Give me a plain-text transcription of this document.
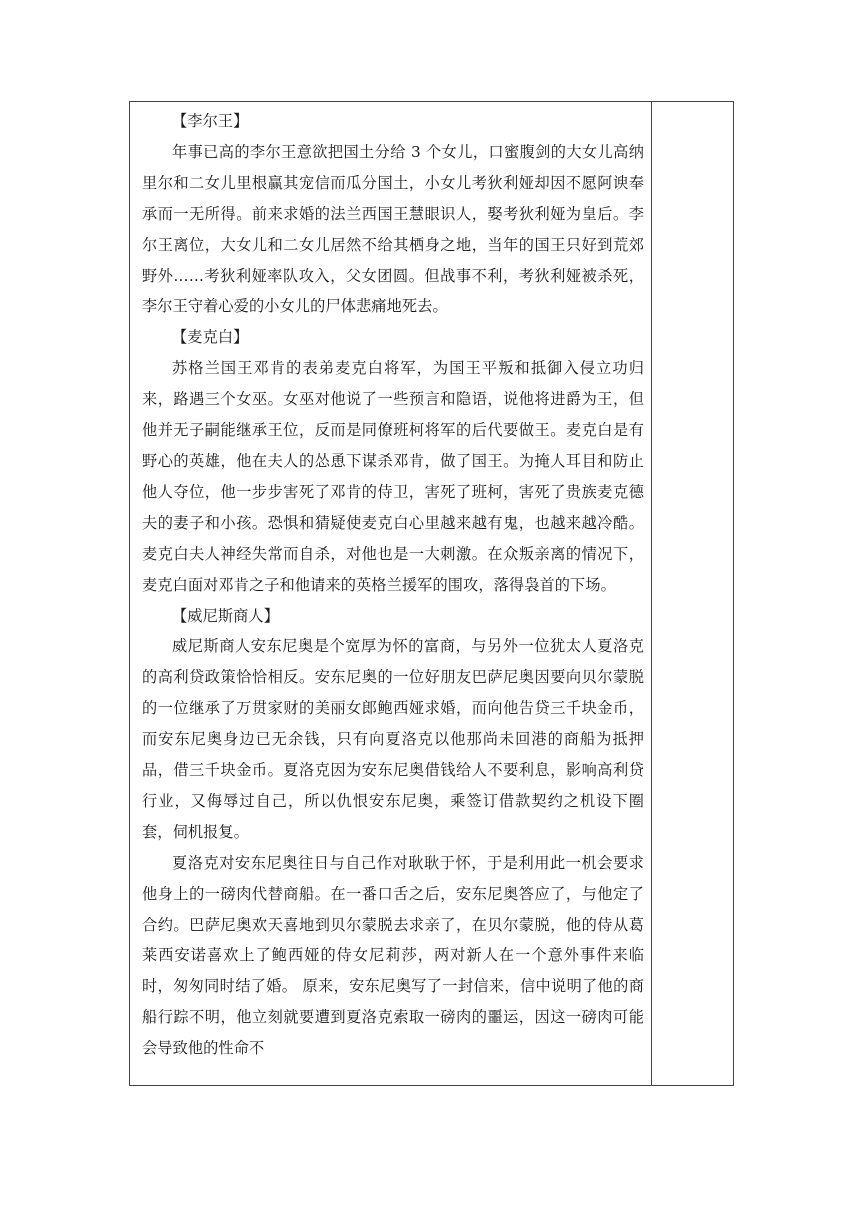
【李尔王】

年事已高的李尔王意欲把国土分给 3 个女儿，口蜜腹剑的大女儿高纳里尔和二女儿里根赢其宠信而瓜分国土，小女儿考狄利娅却因不愿阿谀奉承而一无所得。前来求婚的法兰西国王慧眼识人，娶考狄利娅为皇后。李尔王离位，大女儿和二女儿居然不给其栖身之地，当年的国王只好到荒郊野外……考狄利娅率队攻入，父女团圆。但战事不利，考狄利娅被杀死，李尔王守着心爱的小女儿的尸体悲痛地死去。

【麦克白】

苏格兰国王邓肯的表弟麦克白将军，为国王平叛和抵御入侵立功归来，路遇三个女巫。女巫对他说了一些预言和隐语，说他将进爵为王，但他并无子嗣能继承王位，反而是同僚班柯将军的后代要做王。麦克白是有野心的英雄，他在夫人的怂恿下谋杀邓肯，做了国王。为掩人耳目和防止他人夺位，他一步步害死了邓肯的侍卫，害死了班柯，害死了贵族麦克德夫的妻子和小孩。恐惧和猜疑使麦克白心里越来越有鬼，也越来越冷酷。麦克白夫人神经失常而自杀，对他也是一大刺激。在众叛亲离的情况下，麦克白面对邓肯之子和他请来的英格兰援军的围攻，落得袅首的下场。

【威尼斯商人】

威尼斯商人安东尼奥是个宽厚为怀的富商，与另外一位犹太人夏洛克的高利贷政策恰恰相反。安东尼奥的一位好朋友巴萨尼奥因要向贝尔蒙脱的一位继承了万贯家财的美丽女郎鲍西娅求婚，而向他告贷三千块金币，而安东尼奥身边已无余钱，只有向夏洛克以他那尚未回港的商船为抵押品，借三千块金币。夏洛克因为安东尼奥借钱给人不要利息，影响高利贷行业，又侮辱过自己，所以仇恨安东尼奥，乘签订借款契约之机设下圈套，伺机报复。

夏洛克对安东尼奥往日与自己作对耿耿于怀，于是利用此一机会要求他身上的一磅肉代替商船。在一番口舌之后，安东尼奥答应了，与他定了合约。巴萨尼奥欢天喜地到贝尔蒙脱去求亲了，在贝尔蒙脱，他的侍从葛莱西安诺喜欢上了鲍西娅的侍女尼莉莎，两对新人在一个意外事件来临时，匆匆同时结了婚。 原来，安东尼奥写了一封信来，信中说明了他的商船行踪不明，他立刻就要遭到夏洛克索取一磅肉的噩运，因这一磅肉可能会导致他的性命不
